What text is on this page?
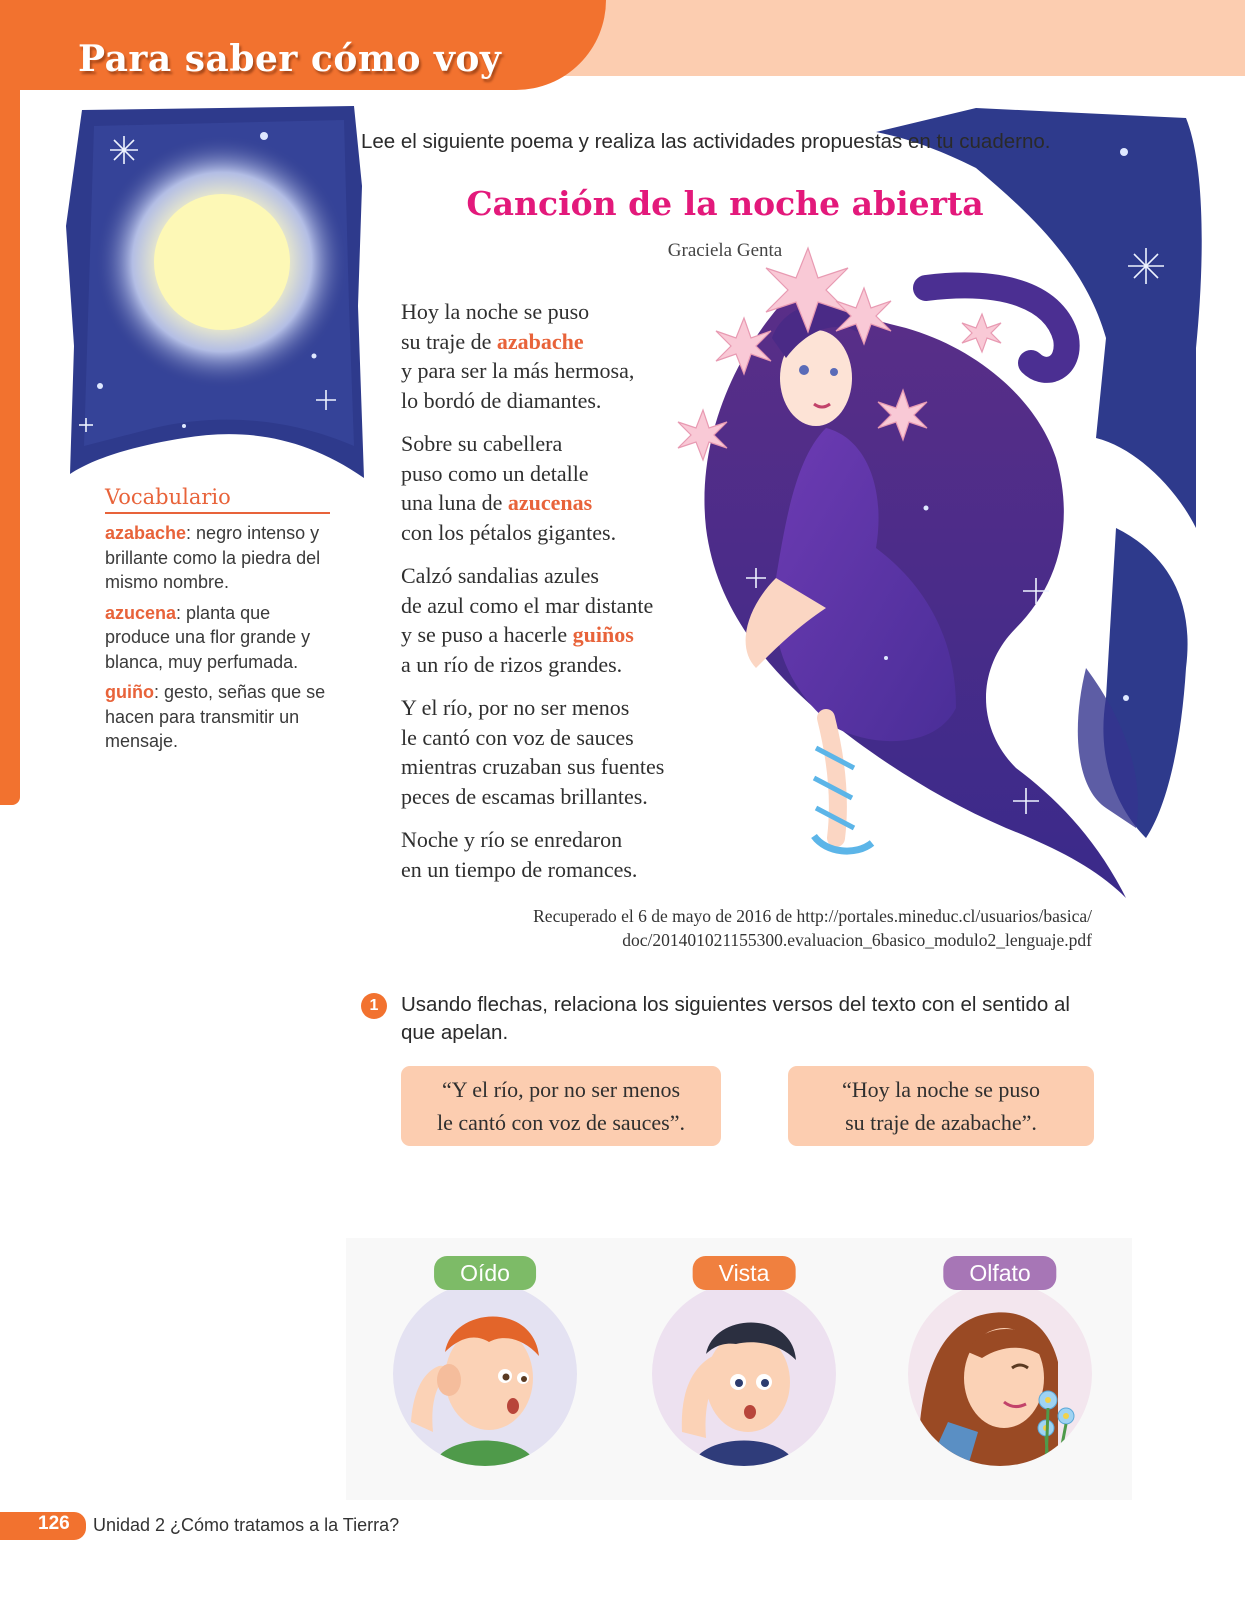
Para saber cómo voy
Lee el siguiente poema y realiza las actividades propuestas en tu cuaderno.
Canción de la noche abierta
Graciela Genta
Hoy la noche se puso
su traje de azabache
y para ser la más hermosa,
lo bordó de diamantes.
Sobre su cabellera
puso como un detalle
una luna de azucenas
con los pétalos gigantes.
Calzó sandalias azules
de azul como el mar distante
y se puso a hacerle guiños
a un río de rizos grandes.
Y el río, por no ser menos
le cantó con voz de sauces
mientras cruzaban sus fuentes
peces de escamas brillantes.
Noche y río se enredaron
en un tiempo de romances.
Recuperado el 6 de mayo de 2016 de http://portales.mineduc.cl/usuarios/basica/
doc/201401021155300.evaluacion_6basico_modulo2_lenguaje.pdf
Vocabulario
azabache: negro intenso y brillante como la piedra del mismo nombre.
azucena: planta que produce una flor grande y blanca, muy perfumada.
guiño: gesto, señas que se hacen para transmitir un mensaje.
1	Usando flechas, relaciona los siguientes versos del texto con el sentido al que apelan.
“Y el río, por no ser menos
le cantó con voz de sauces”.
“Hoy la noche se puso
su traje de azabache”.
Oído	Vista	Olfato
126 Unidad 2 ¿Cómo tratamos a la Tierra?
